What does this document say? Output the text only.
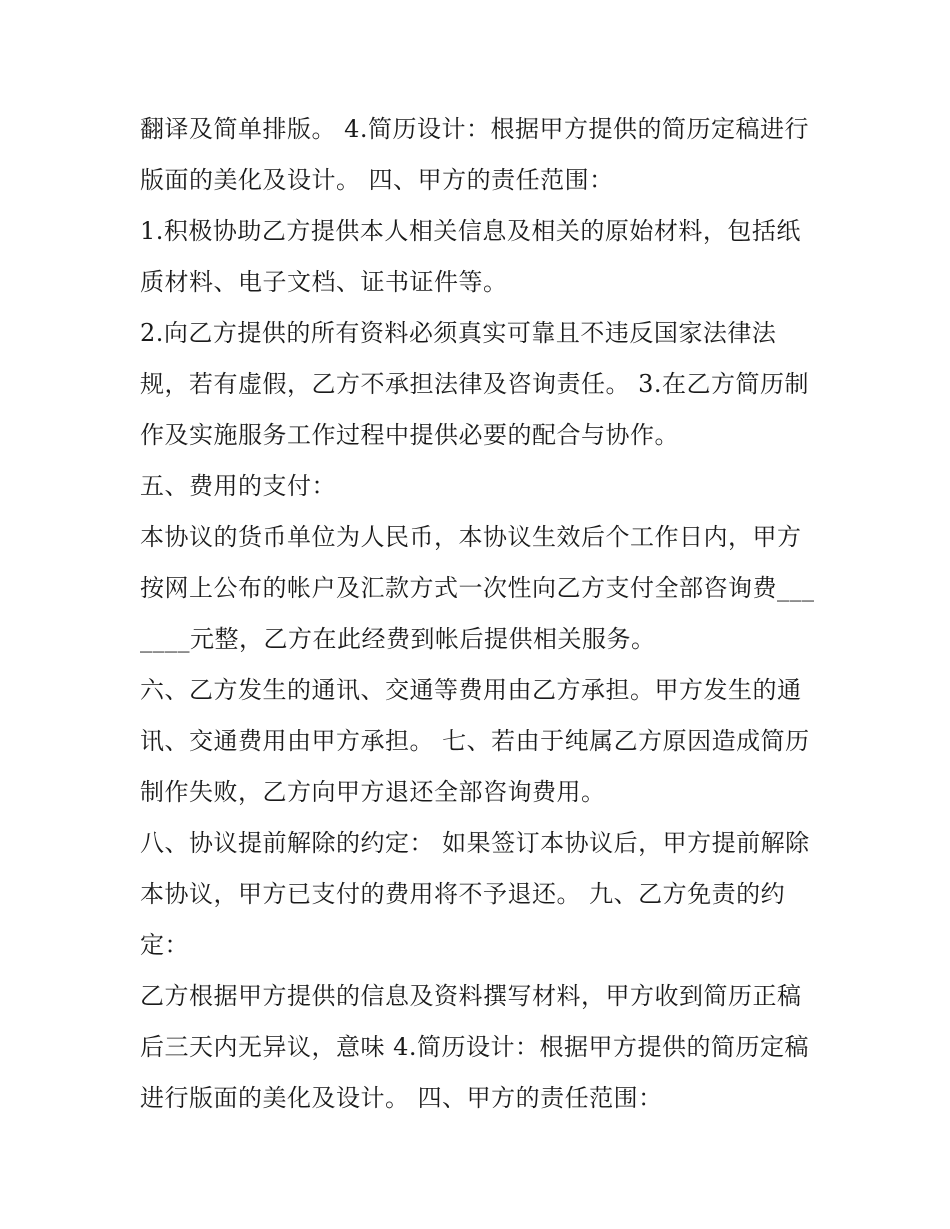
翻译及简单排版。 4.简历设计：根据甲方提供的简历定稿进行版面的美化及设计。 四、甲方的责任范围：

1.积极协助乙方提供本人相关信息及相关的原始材料，包括纸质材料、电子文档、证书证件等。

2.向乙方提供的所有资料必须真实可靠且不违反国家法律法规，若有虚假，乙方不承担法律及咨询责任。 3.在乙方简历制作及实施服务工作过程中提供必要的配合与协作。

五、费用的支付：

本协议的货币单位为人民币，本协议生效后个工作日内，甲方按网上公布的帐户及汇款方式一次性向乙方支付全部咨询费_______元整，乙方在此经费到帐后提供相关服务。

六、乙方发生的通讯、交通等费用由乙方承担。甲方发生的通讯、交通费用由甲方承担。 七、若由于纯属乙方原因造成简历制作失败，乙方向甲方退还全部咨询费用。

八、协议提前解除的约定： 如果签订本协议后，甲方提前解除本协议，甲方已支付的费用将不予退还。 九、乙方免责的约定：

乙方根据甲方提供的信息及资料撰写材料，甲方收到简历正稿后三天内无异议，意味 4.简历设计：根据甲方提供的简历定稿进行版面的美化及设计。 四、甲方的责任范围：
